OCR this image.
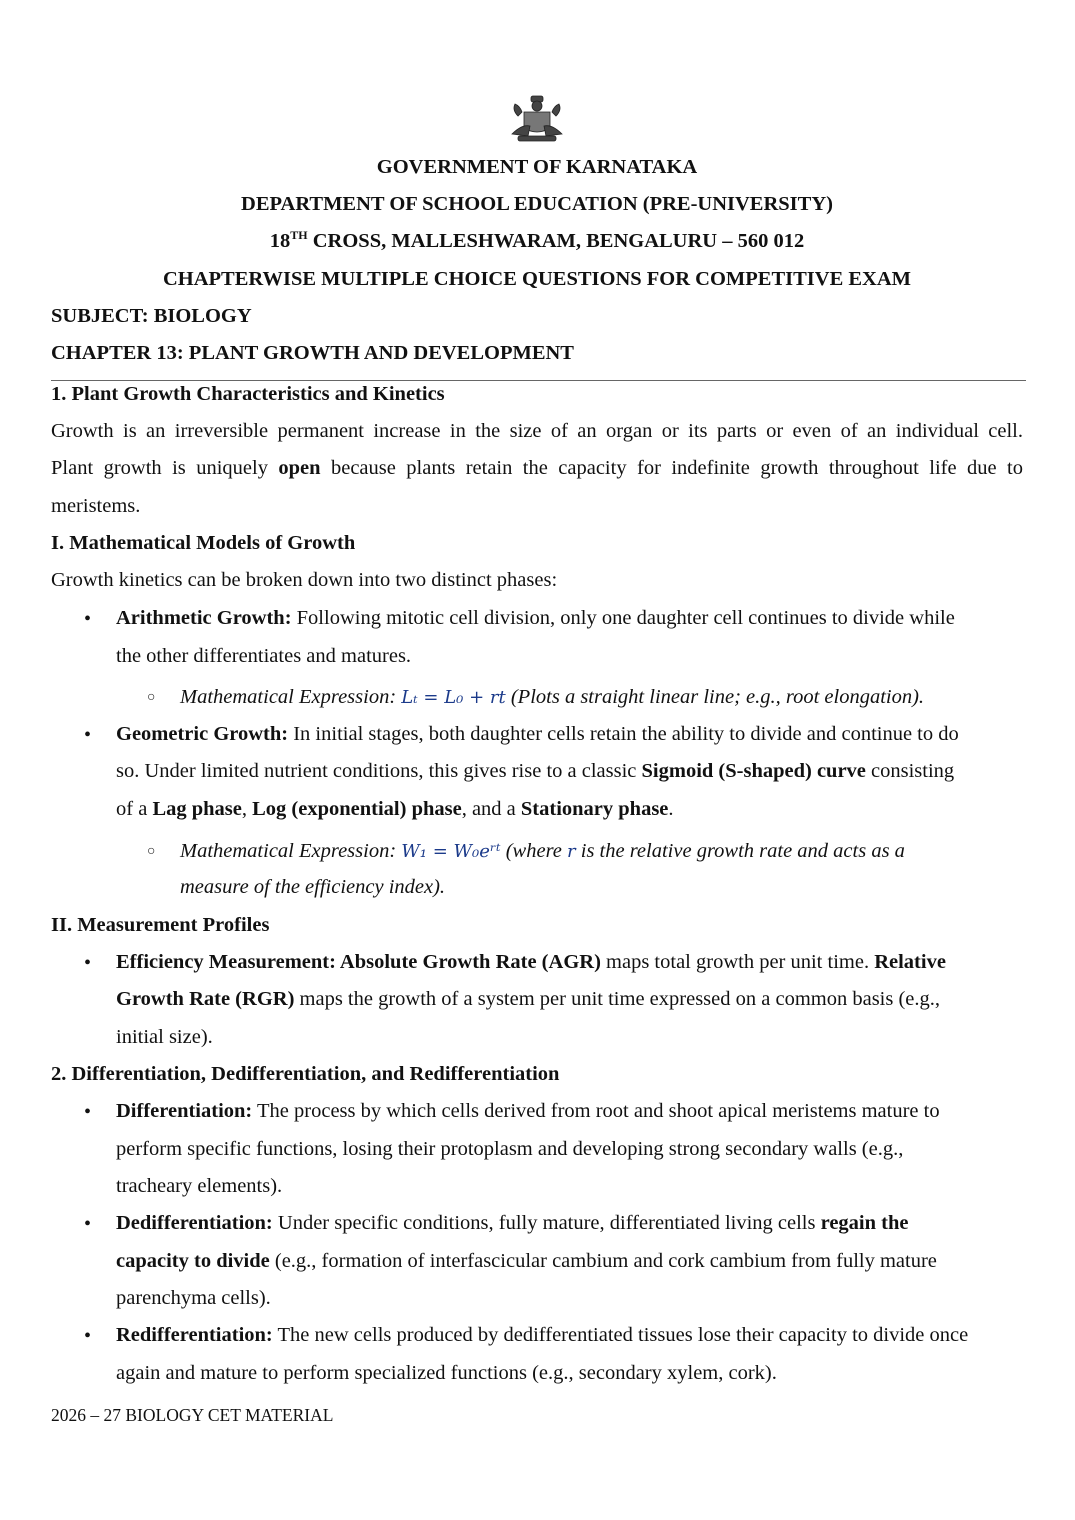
GOVERNMENT OF KARNATAKA
DEPARTMENT OF SCHOOL EDUCATION (PRE-UNIVERSITY)
18TH CROSS, MALLESHWARAM, BENGALURU – 560 012
CHAPTERWISE MULTIPLE CHOICE QUESTIONS FOR COMPETITIVE EXAM
SUBJECT: BIOLOGY
CHAPTER 13: PLANT GROWTH AND DEVELOPMENT
1. Plant Growth Characteristics and Kinetics
Growth is an irreversible permanent increase in the size of an organ or its parts or even of an individual cell.
Plant growth is uniquely open because plants retain the capacity for indefinite growth throughout life due to
meristems.
I. Mathematical Models of Growth
Growth kinetics can be broken down into two distinct phases:
• Arithmetic Growth: Following mitotic cell division, only one daughter cell continues to divide while
the other differentiates and matures.
○ Mathematical Expression: Lₜ = L₀ + rt (Plots a straight linear line; e.g., root elongation).
• Geometric Growth: In initial stages, both daughter cells retain the ability to divide and continue to do
so. Under limited nutrient conditions, this gives rise to a classic Sigmoid (S-shaped) curve consisting
of a Lag phase, Log (exponential) phase, and a Stationary phase.
○ Mathematical Expression: W₁ = W₀eʳᵗ (where r is the relative growth rate and acts as a
measure of the efficiency index).
II. Measurement Profiles
• Efficiency Measurement: Absolute Growth Rate (AGR) maps total growth per unit time. Relative
Growth Rate (RGR) maps the growth of a system per unit time expressed on a common basis (e.g.,
initial size).
2. Differentiation, Dedifferentiation, and Redifferentiation
• Differentiation: The process by which cells derived from root and shoot apical meristems mature to
perform specific functions, losing their protoplasm and developing strong secondary walls (e.g.,
tracheary elements).
• Dedifferentiation: Under specific conditions, fully mature, differentiated living cells regain the
capacity to divide (e.g., formation of interfascicular cambium and cork cambium from fully mature
parenchyma cells).
• Redifferentiation: The new cells produced by dedifferentiated tissues lose their capacity to divide once
again and mature to perform specialized functions (e.g., secondary xylem, cork).
2026 – 27 BIOLOGY CET MATERIAL
